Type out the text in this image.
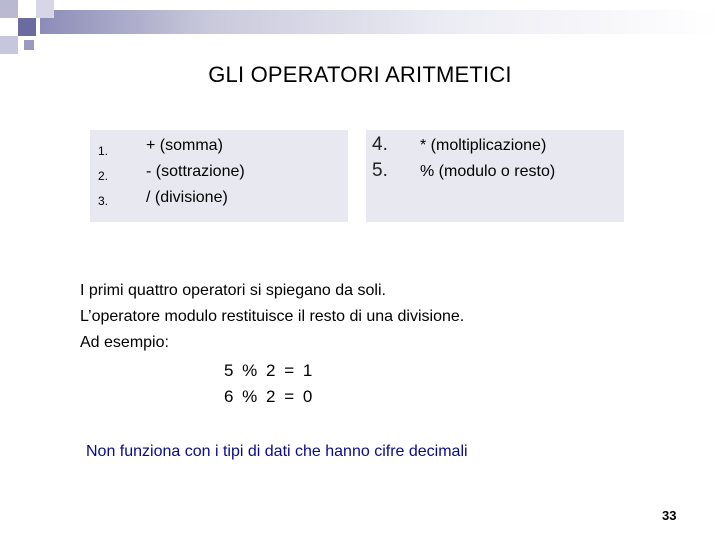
GLI OPERATORI ARITMETICI
1. + (somma)
2. - (sottrazione)
3. / (divisione)
4. * (moltiplicazione)
5. % (modulo o resto)
I primi quattro operatori si spiegano da soli.
L’operatore modulo restituisce il resto di una divisione.
Ad esempio:
5 % 2 = 1
6 % 2 = 0
Non funziona con i tipi di dati che hanno cifre decimali
33
